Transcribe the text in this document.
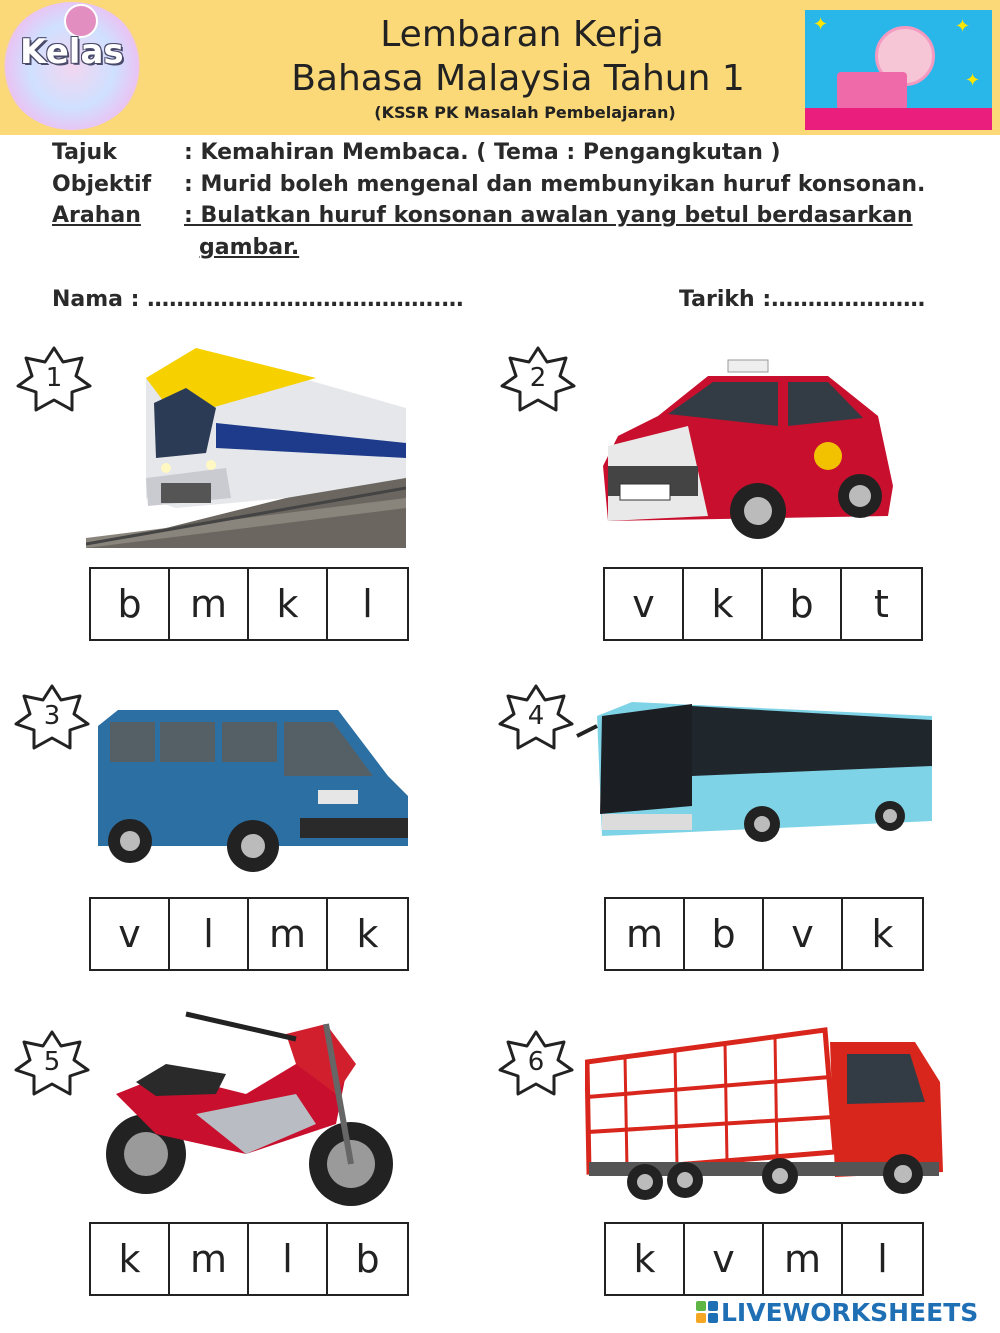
Kelas	Lembaran Kerja
Bahasa Malaysia Tahun 1
(KSSR PK Masalah Pembelajaran)
✦
✦
✦
Tajuk	: Kemahiran Membaca. ( Tema : Pengangkutan )
Objektif : Murid boleh mengenal dan membunyikan huruf konsonan.
Arahan : Bulatkan huruf konsonan awalan yang betul berdasarkan
gambar.
Nama : ………………………………….…	Tarikh :…………………
1
b	m	k	l
2
v	k	b	t
3
v	l	m	k
4
m	b	v	k
5
k	m	l	b
6
k	v	m	l
LIVEWORKSHEETS
